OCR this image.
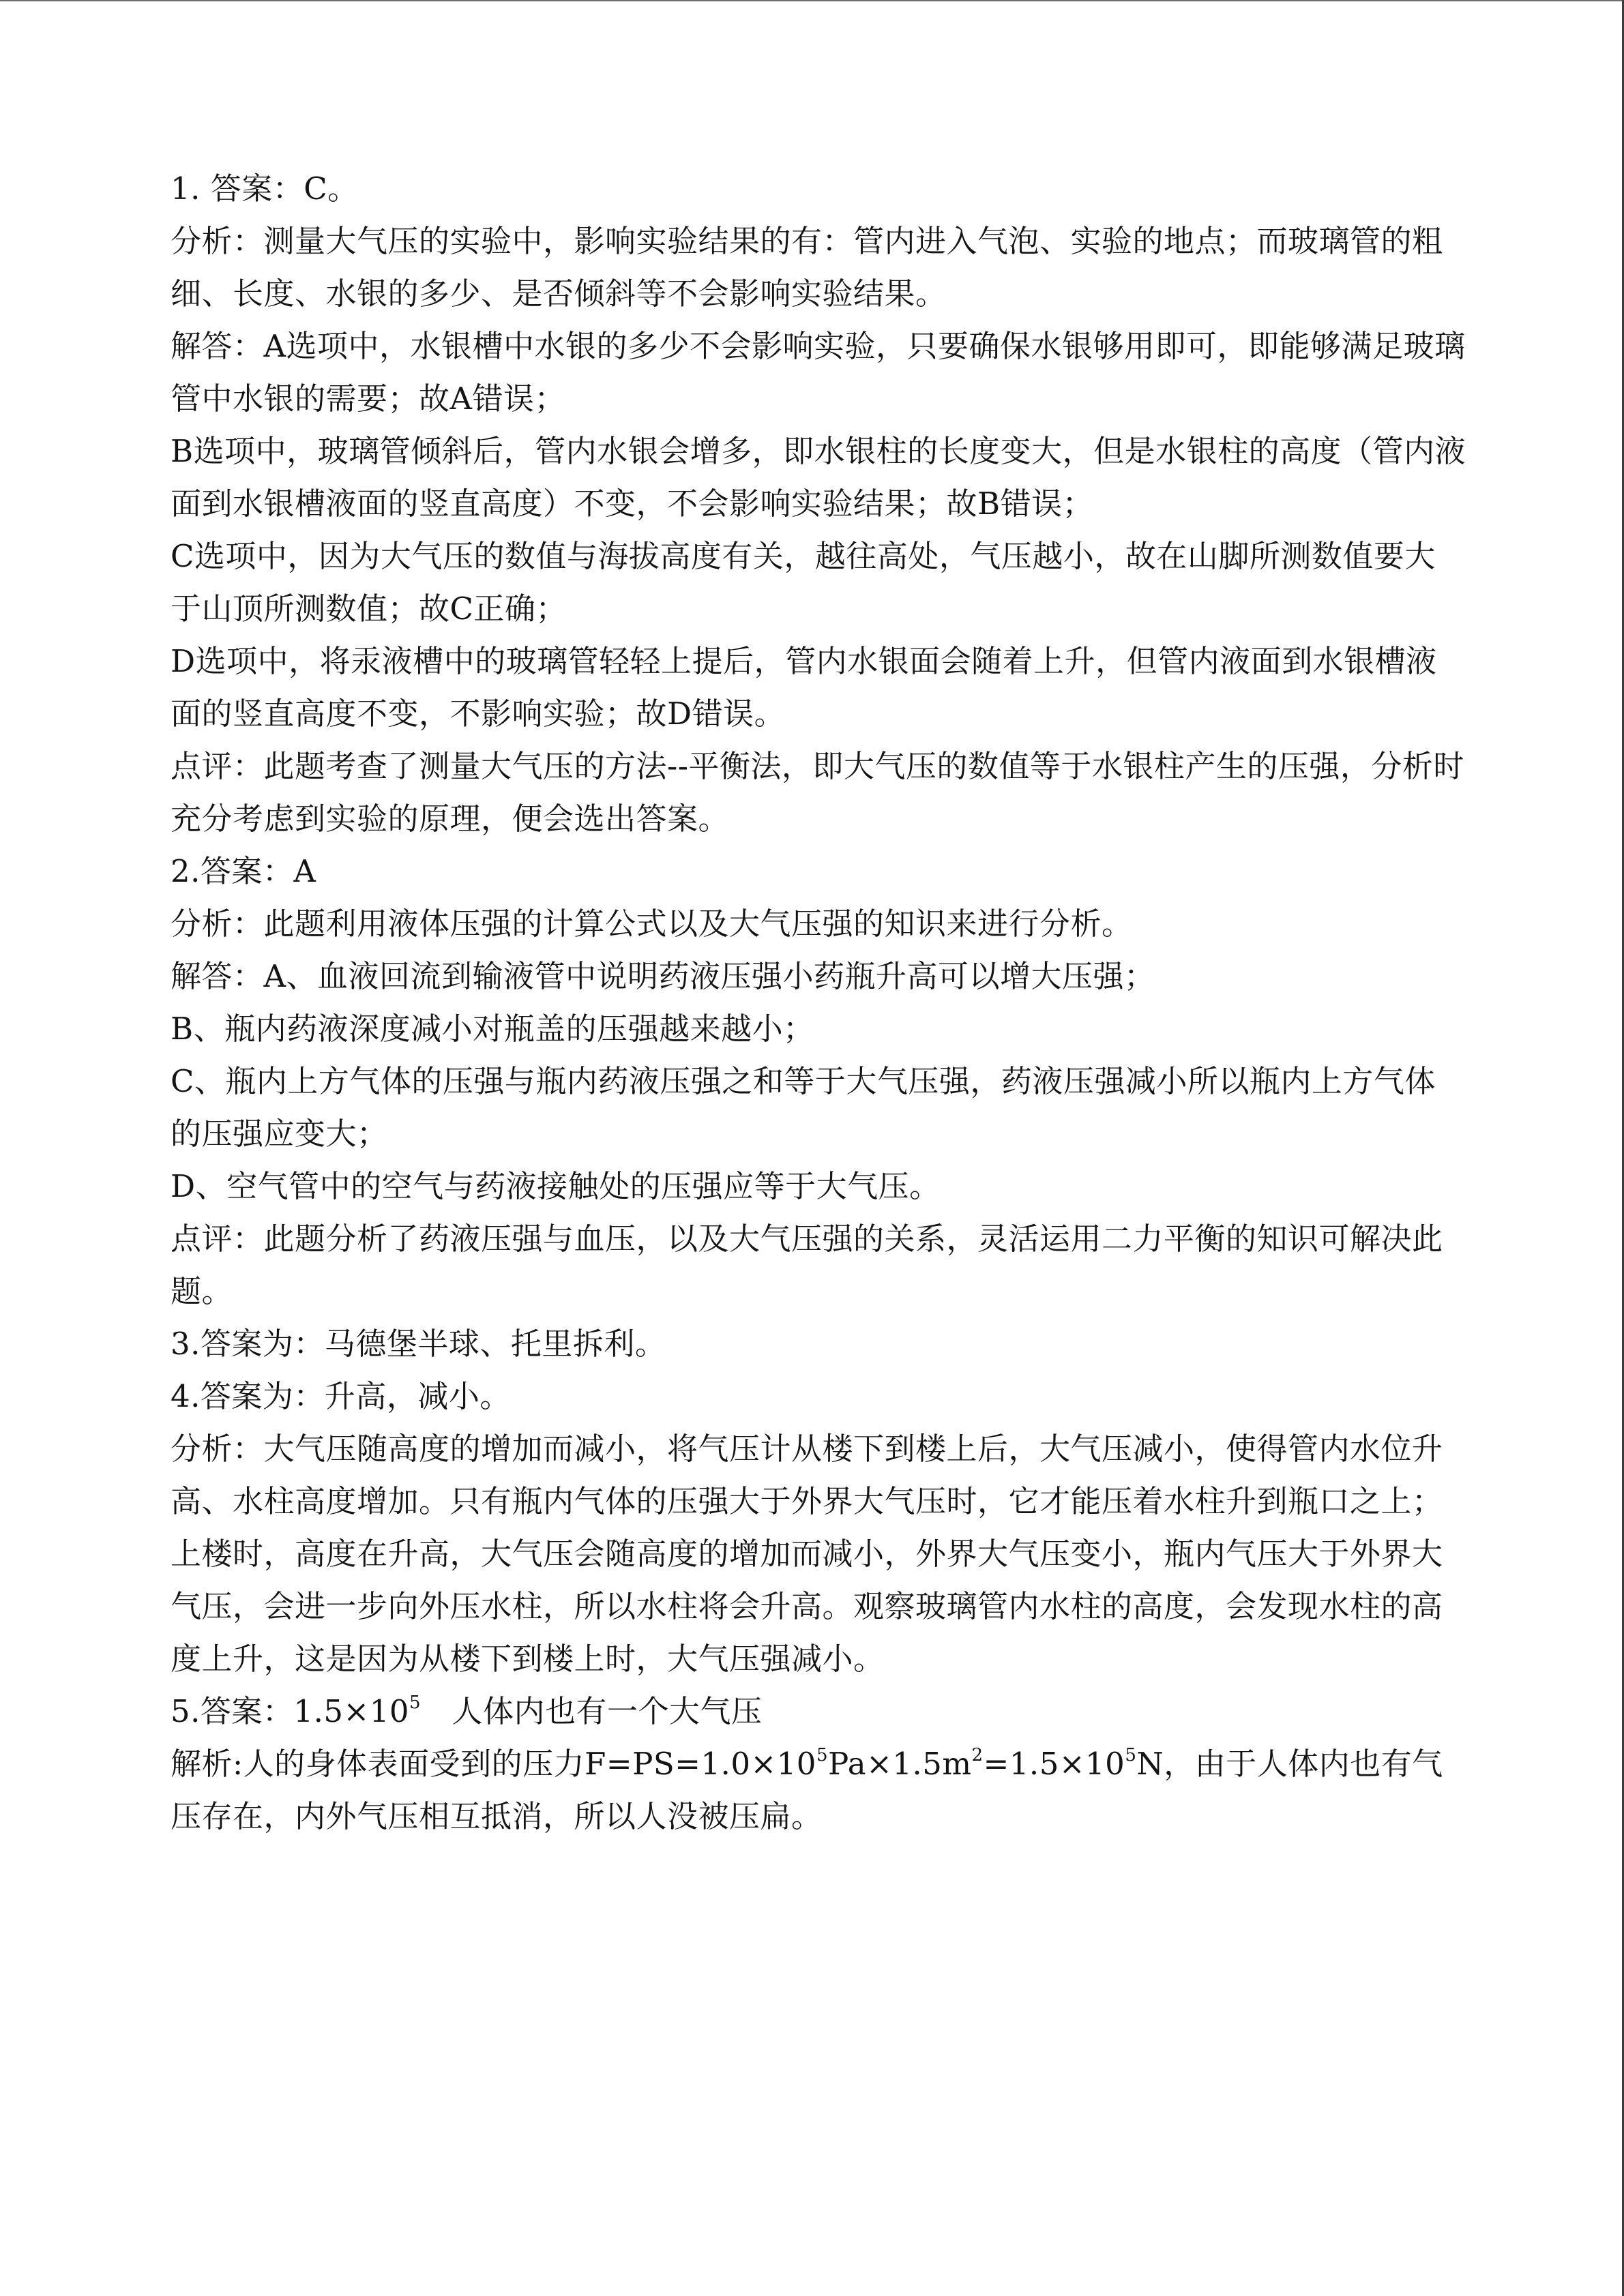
1. 答案：C。

分析：测量大气压的实验中，影响实验结果的有：管内进入气泡、实验的地点；而玻璃管的粗细、长度、水银的多少、是否倾斜等不会影响实验结果。

解答：A选项中，水银槽中水银的多少不会影响实验，只要确保水银够用即可，即能够满足玻璃管中水银的需要；故A错误；

B选项中，玻璃管倾斜后，管内水银会增多，即水银柱的长度变大，但是水银柱的高度（管内液面到水银槽液面的竖直高度）不变，不会影响实验结果；故B错误；

C选项中，因为大气压的数值与海拔高度有关，越往高处，气压越小，故在山脚所测数值要大于山顶所测数值；故C正确；

D选项中，将汞液槽中的玻璃管轻轻上提后，管内水银面会随着上升，但管内液面到水银槽液面的竖直高度不变，不影响实验；故D错误。

点评：此题考查了测量大气压的方法--平衡法，即大气压的数值等于水银柱产生的压强，分析时充分考虑到实验的原理，便会选出答案。

2.答案：A

分析：此题利用液体压强的计算公式以及大气压强的知识来进行分析。

解答：A、血液回流到输液管中说明药液压强小药瓶升高可以增大压强；

B、瓶内药液深度减小对瓶盖的压强越来越小；

C、瓶内上方气体的压强与瓶内药液压强之和等于大气压强，药液压强减小所以瓶内上方气体的压强应变大；

D、空气管中的空气与药液接触处的压强应等于大气压。

点评：此题分析了药液压强与血压，以及大气压强的关系，灵活运用二力平衡的知识可解决此题。

3.答案为：马德堡半球、托里拆利。

4.答案为：升高，减小。

分析：大气压随高度的增加而减小，将气压计从楼下到楼上后，大气压减小，使得管内水位升高、水柱高度增加。只有瓶内气体的压强大于外界大气压时，它才能压着水柱升到瓶口之上；上楼时，高度在升高，大气压会随高度的增加而减小，外界大气压变小，瓶内气压大于外界大气压，会进一步向外压水柱，所以水柱将会升高。观察玻璃管内水柱的高度，会发现水柱的高度上升，这是因为从楼下到楼上时，大气压强减小。

5.答案：$1.5\times 10^5$　人体内也有一个大气压

解析:人的身体表面受到的压力$F=PS=1.0\times 10^5Pa\times 1.5m^2=1.5\times 10^5N$，由于人体内也有气压存在，内外气压相互抵消，所以人没被压扁。
